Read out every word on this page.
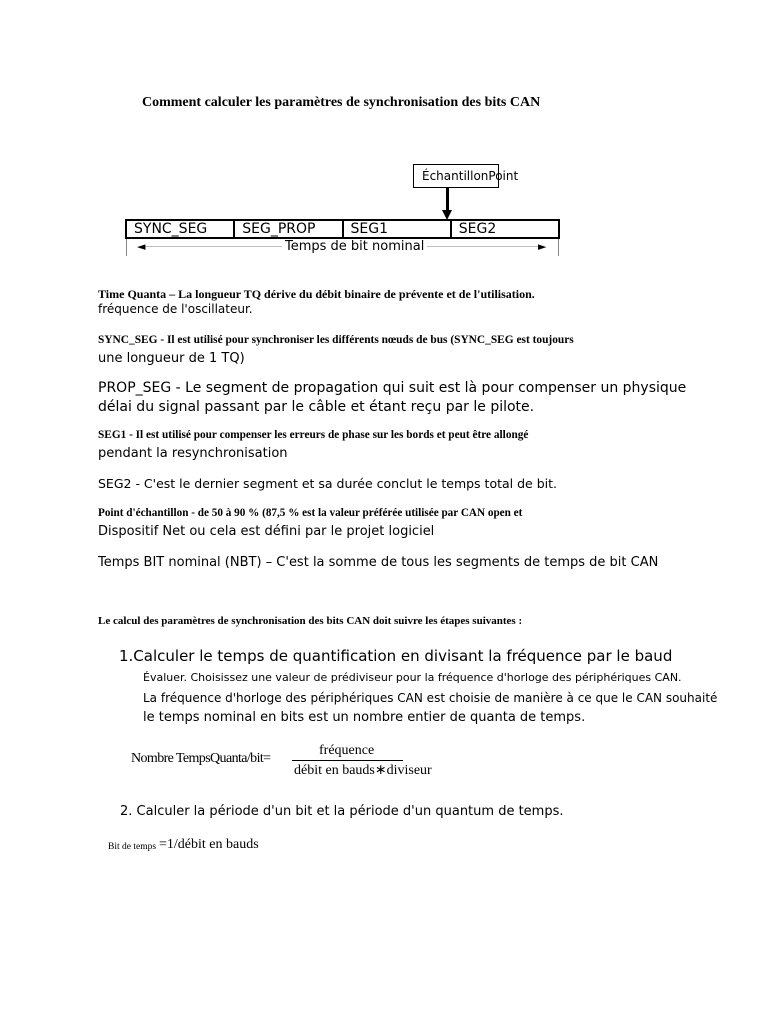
Comment calculer les paramètres de synchronisation des bits CAN
ÉchantillonPoint
SYNC_SEG	SEG_PROP	SEG1	SEG2
◄	►
Temps de bit nominal
Time Quanta – La longueur TQ dérive du débit binaire de prévente et de l'utilisation.
fréquence de l'oscillateur.
SYNC_SEG - Il est utilisé pour synchroniser les différents nœuds de bus (SYNC_SEG est toujours
une longueur de 1 TQ)
PROP_SEG - Le segment de propagation qui suit est là pour compenser un physique
délai du signal passant par le câble et étant reçu par le pilote.
SEG1 - Il est utilisé pour compenser les erreurs de phase sur les bords et peut être allongé
pendant la resynchronisation
SEG2 - C'est le dernier segment et sa durée conclut le temps total de bit.
Point d'échantillon - de 50 à 90 % (87,5 % est la valeur préférée utilisée par CAN open et
Dispositif Net ou cela est défini par le projet logiciel
Temps BIT nominal (NBT) – C'est la somme de tous les segments de temps de bit CAN
Le calcul des paramètres de synchronisation des bits CAN doit suivre les étapes suivantes :
1.Calculer le temps de quantification en divisant la fréquence par le baud
Évaluer. Choisissez une valeur de prédiviseur pour la fréquence d'horloge des périphériques CAN.
La fréquence d'horloge des périphériques CAN est choisie de manière à ce que le CAN souhaité
le temps nominal en bits est un nombre entier de quanta de temps.
Nombre TempsQuanta/bit=
fréquence
débit en bauds∗diviseur
2. Calculer la période d'un bit et la période d'un quantum de temps.
Bit de temps =1/débit en bauds
